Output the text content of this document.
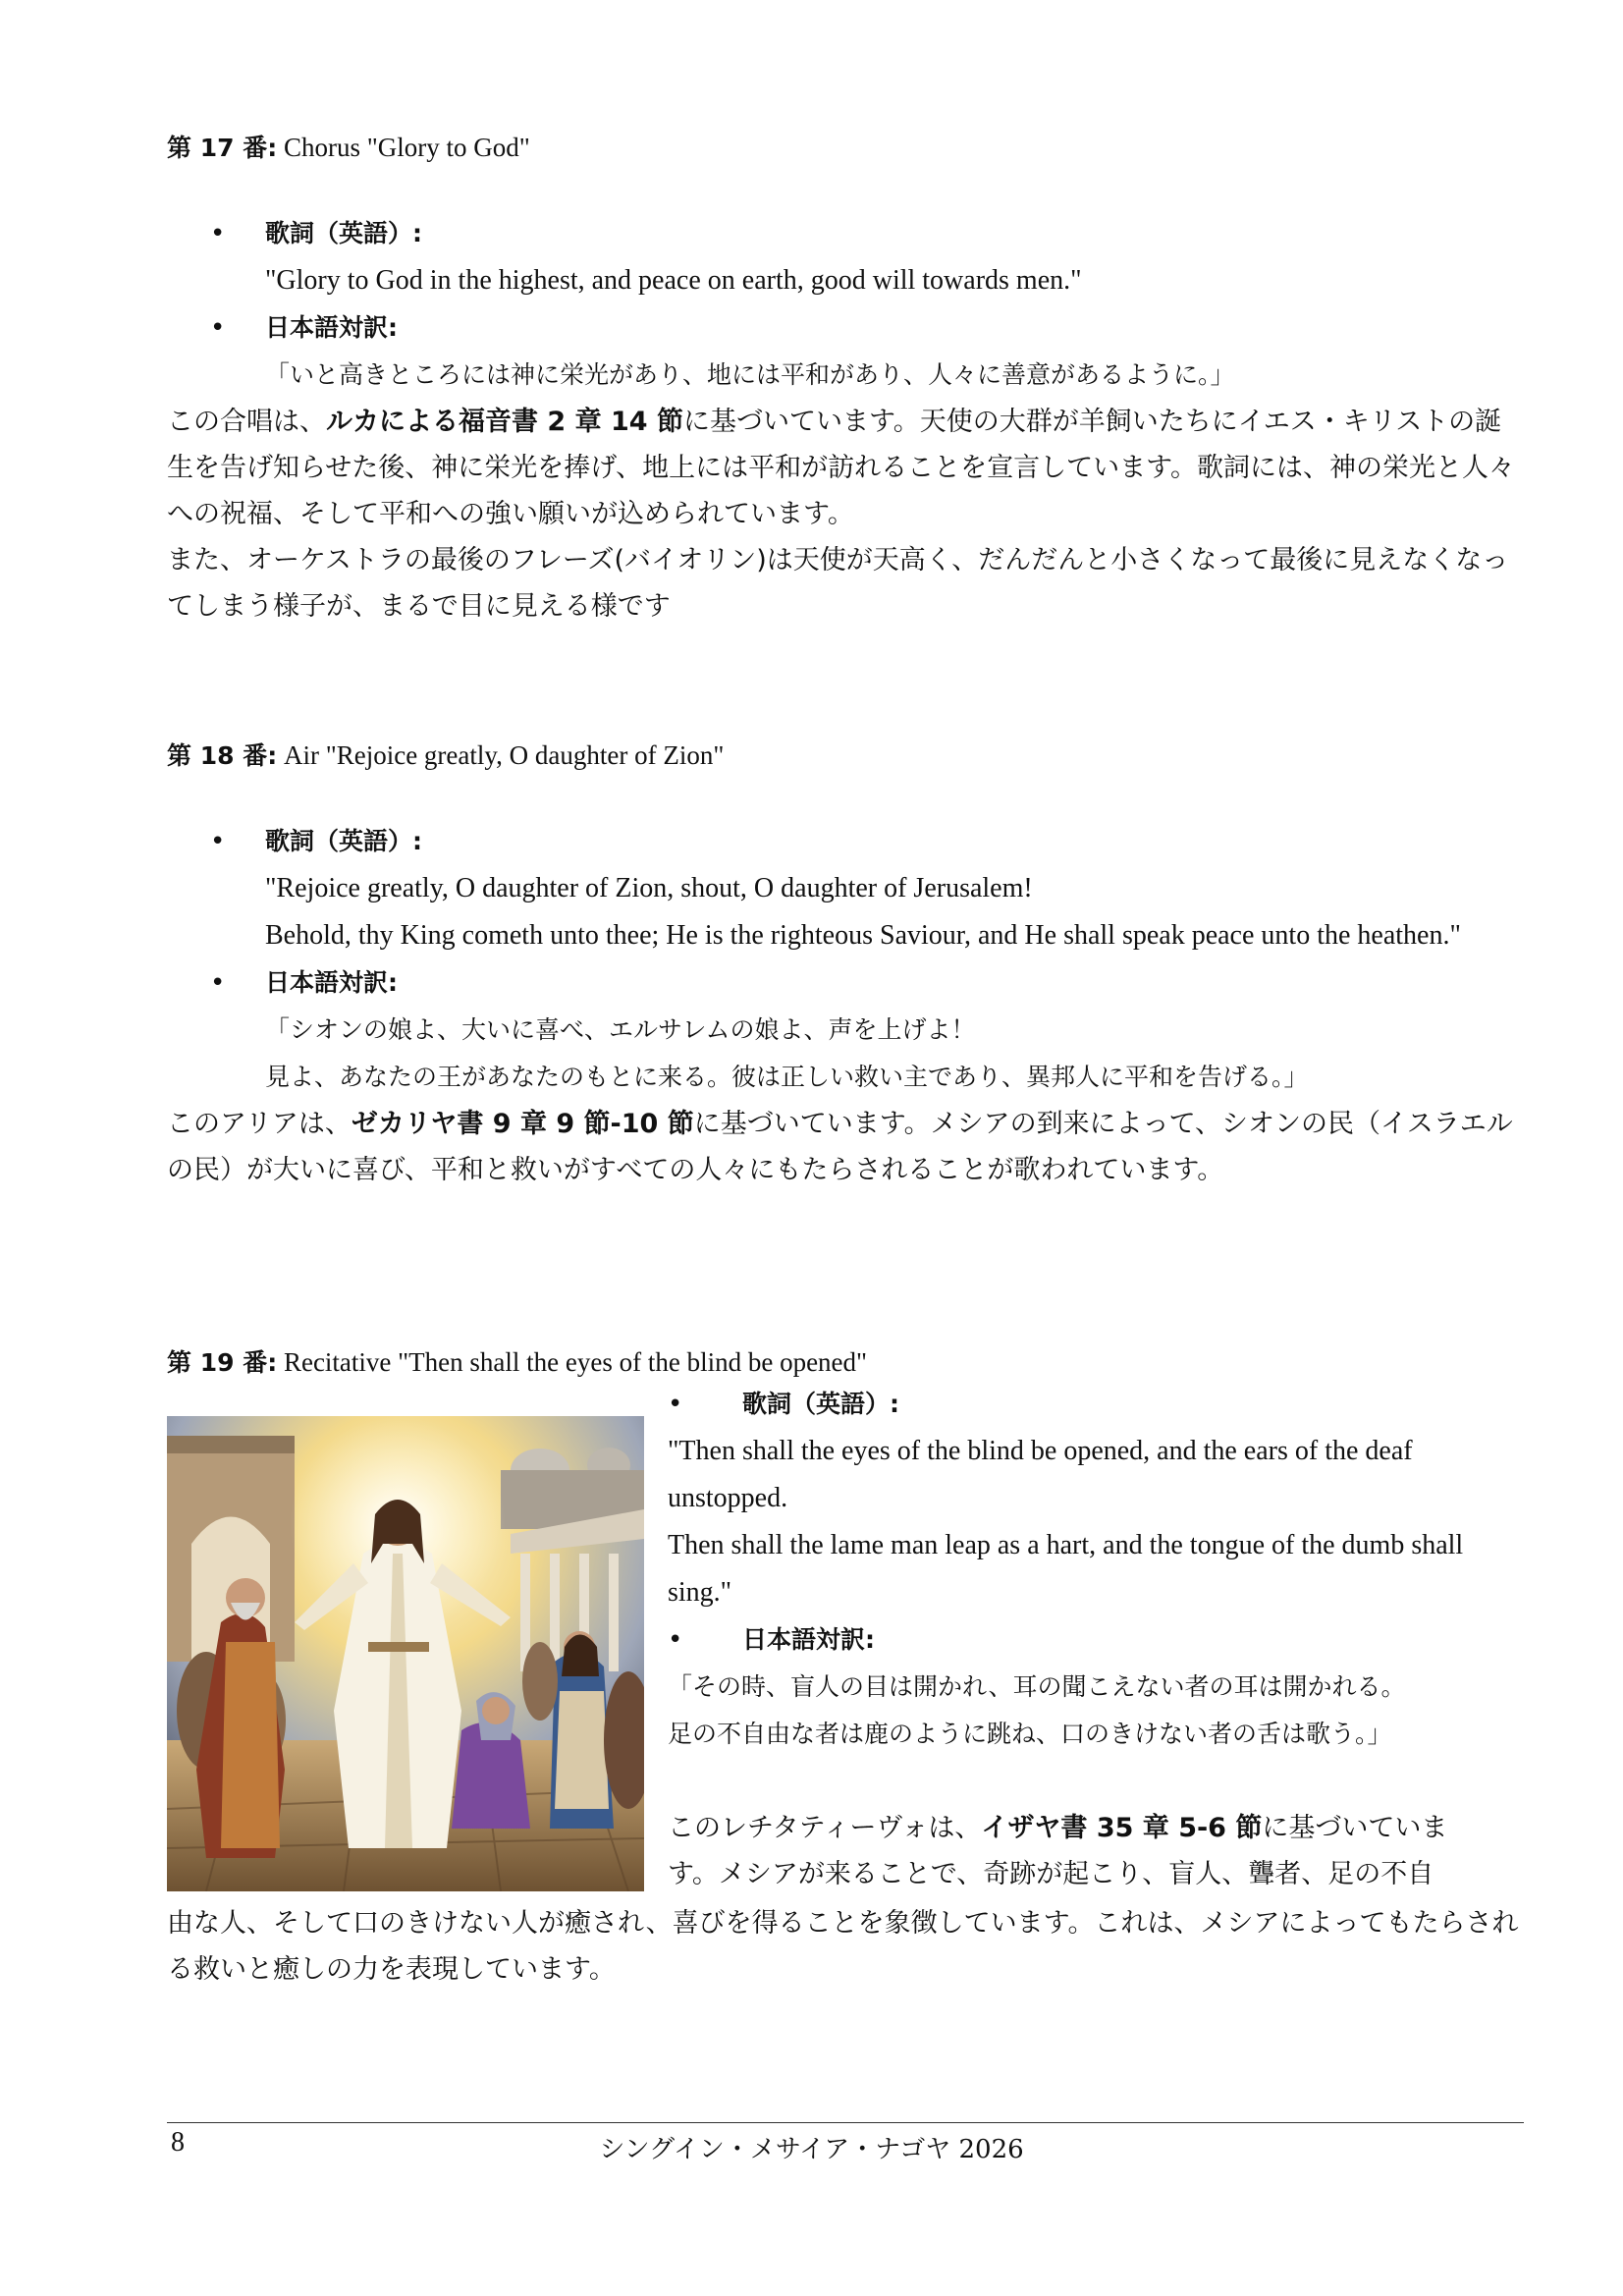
第 17 番: Chorus "Glory to God"
• 歌詞（英語）:
"Glory to God in the highest, and peace on earth, good will towards men."
• 日本語対訳:
「いと高きところには神に栄光があり、地には平和があり、人々に善意があるように。」

この合唱は、ルカによる福音書 2 章 14 節に基づいています。天使の大群が羊飼いたちにイエス・キリストの誕生を告げ知らせた後、神に栄光を捧げ、地上には平和が訪れることを宣言しています。歌詞には、神の栄光と人々への祝福、そして平和への強い願いが込められています。

また、オーケストラの最後のフレーズ(バイオリン)は天使が天高く、だんだんと小さくなって最後に見えなくなってしまう様子が、まるで目に見える様です

第 18 番: Air "Rejoice greatly, O daughter of Zion"
• 歌詞（英語）:
"Rejoice greatly, O daughter of Zion, shout, O daughter of Jerusalem!
Behold, thy King cometh unto thee; He is the righteous Saviour, and He shall speak peace unto the heathen."
• 日本語対訳:
「シオンの娘よ、大いに喜べ、エルサレムの娘よ、声を上げよ！
見よ、あなたの王があなたのもとに来る。彼は正しい救い主であり、異邦人に平和を告げる。」

このアリアは、ゼカリヤ書 9 章 9 節-10 節に基づいています。メシアの到来によって、シオンの民（イスラエルの民）が大いに喜び、平和と救いがすべての人々にもたらされることが歌われています。

第 19 番: Recitative "Then shall the eyes of the blind be opened"
• 歌詞（英語）:
"Then shall the eyes of the blind be opened, and the ears of the deaf unstopped.
Then shall the lame man leap as a hart, and the tongue of the dumb shall sing."
• 日本語対訳:
「その時、盲人の目は開かれ、耳の聞こえない者の耳は開かれる。
足の不自由な者は鹿のように跳ね、口のきけない者の舌は歌う。」
このレチタティーヴォは、イザヤ書 35 章 5-6 節に基づいていま
す。メシアが来ることで、奇跡が起こり、盲人、聾者、足の不自

由な人、そして口のきけない人が癒され、喜びを得ることを象徴しています。これは、メシアによってもたらされる救いと癒しの力を表現しています。

8	シングイン・メサイア・ナゴヤ 2026
